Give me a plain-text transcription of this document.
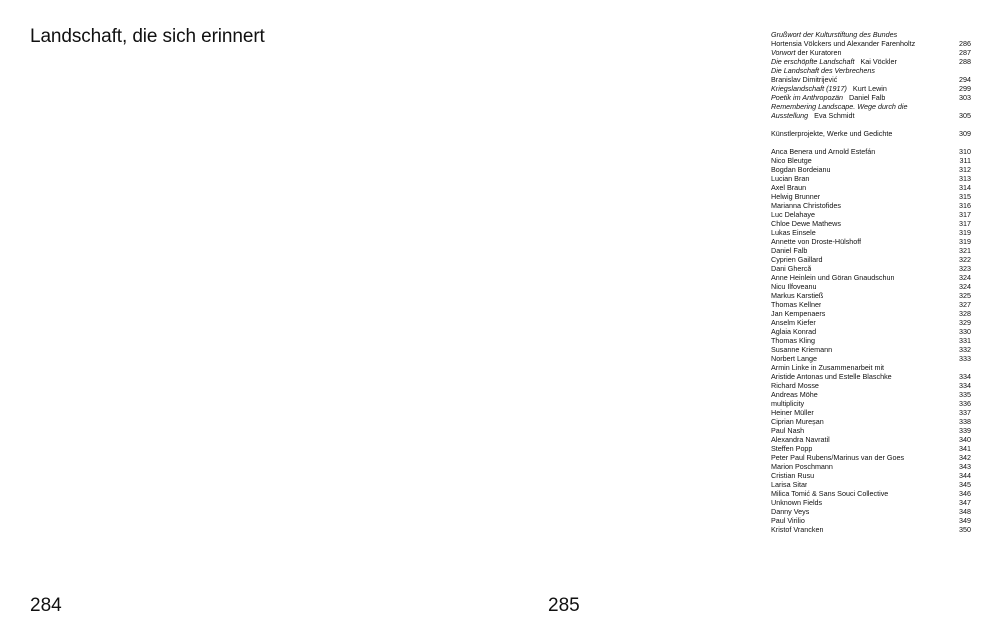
Landschaft, die sich erinnert
284	285
Grußwort der Kulturstiftung des Bundes
Hortensia Völckers und Alexander Farenholtz	286
Vorwort der Kuratoren	287
Die erschöpfte Landschaft   Kai Vöckler	288
Die Landschaft des Verbrechens
Branislav Dimitrijević	294
Kriegslandschaft (1917)   Kurt Lewin	299
Poetik im Anthropozän   Daniel Falb	303
Remembering Landscape. Wege durch die
Ausstellung   Eva Schmidt	305
Künstlerprojekte, Werke und Gedichte	309
Anca Benera und Arnold Estefán	310
Nico Bleutge	311
Bogdan Bordeianu	312
Lucian Bran	313
Axel Braun	314
Helwig Brunner	315
Marianna Christofides	316
Luc Delahaye	317
Chloe Dewe Mathews	317
Lukas Einsele	319
Annette von Droste-Hülshoff	319
Daniel Falb	321
Cyprien Gaillard	322
Dani Ghercă	323
Anne Heinlein und Göran Gnaudschun	324
Nicu Ilfoveanu	324
Markus Karstieß	325
Thomas Kellner	327
Jan Kempenaers	328
Anselm Kiefer	329
Aglaia Konrad	330
Thomas Kling	331
Susanne Kriemann	332
Norbert Lange	333
Armin Linke in Zusammenarbeit mit
Aristide Antonas und Estelle Blaschke	334
Richard Mosse	334
Andreas Möhe	335
multiplicity	336
Heiner Müller	337
Ciprian Mureșan	338
Paul Nash	339
Alexandra Navratil	340
Steffen Popp	341
Peter Paul Rubens/Marinus van der Goes	342
Marion Poschmann	343
Cristian Rusu	344
Larisa Sitar	345
Milica Tomić & Sans Souci Collective	346
Unknown Fields	347
Danny Veys	348
Paul Virilio	349
Kristof Vrancken	350
